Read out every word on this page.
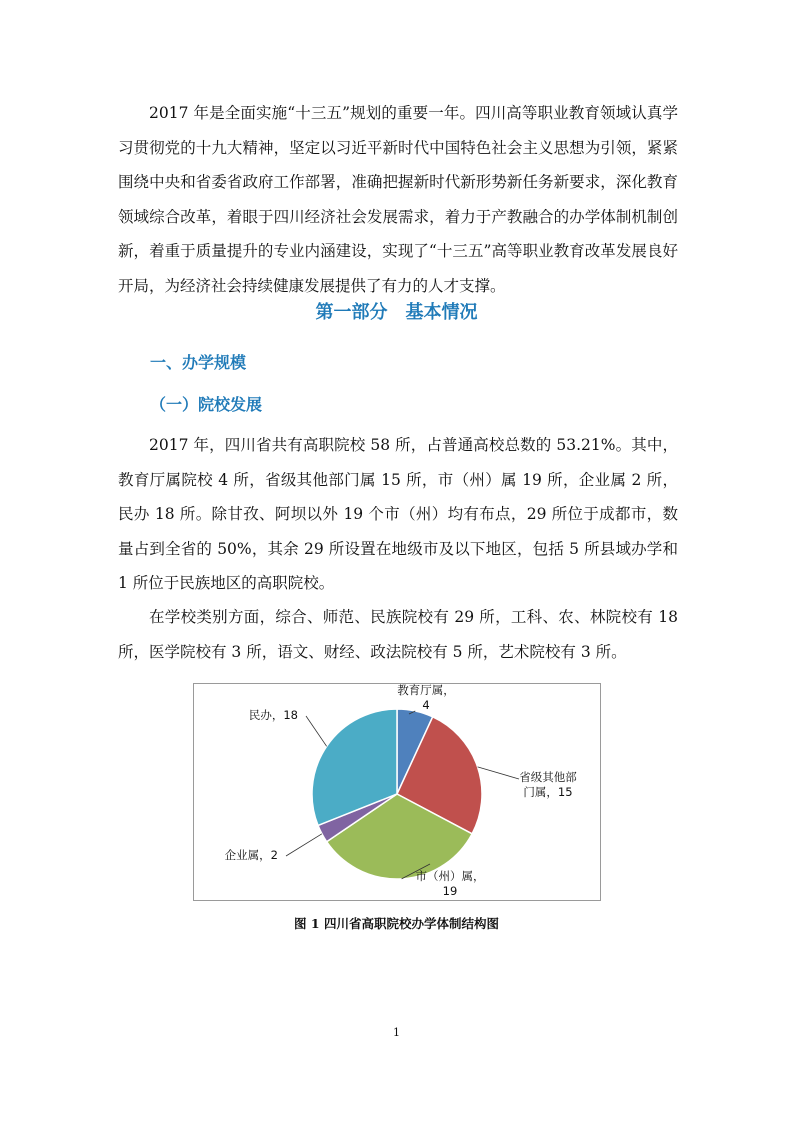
2017 年是全面实施“十三五”规划的重要一年。四川高等职业教育领域认真学习贯彻党的十九大精神，坚定以习近平新时代中国特色社会主义思想为引领，紧紧围绕中央和省委省政府工作部署，准确把握新时代新形势新任务新要求，深化教育领域综合改革，着眼于四川经济社会发展需求，着力于产教融合的办学体制机制创新，着重于质量提升的专业内涵建设，实现了“十三五”高等职业教育改革发展良好开局，为经济社会持续健康发展提供了有力的人才支撑。

第一部分　基本情况
一、办学规模
（一）院校发展

2017 年，四川省共有高职院校 58 所，占普通高校总数的 53.21%。其中，教育厅属院校 4 所，省级其他部门属 15 所，市（州）属 19 所，企业属 2 所，民办 18 所。除甘孜、阿坝以外 19 个市（州）均有布点，29 所位于成都市，数量占到全省的 50%，其余 29 所设置在地级市及以下地区，包括 5 所县域办学和 1 所位于民族地区的高职院校。

在学校类别方面，综合、师范、民族院校有 29 所，工科、农、林院校有 18 所，医学院校有 3 所，语文、财经、政法院校有 5 所，艺术院校有 3 所。

教育厅属， 4
省级其他部门属，15
市（州）属， 19
企业属，2
民办，18

图 1 四川省高职院校办学体制结构图

1
